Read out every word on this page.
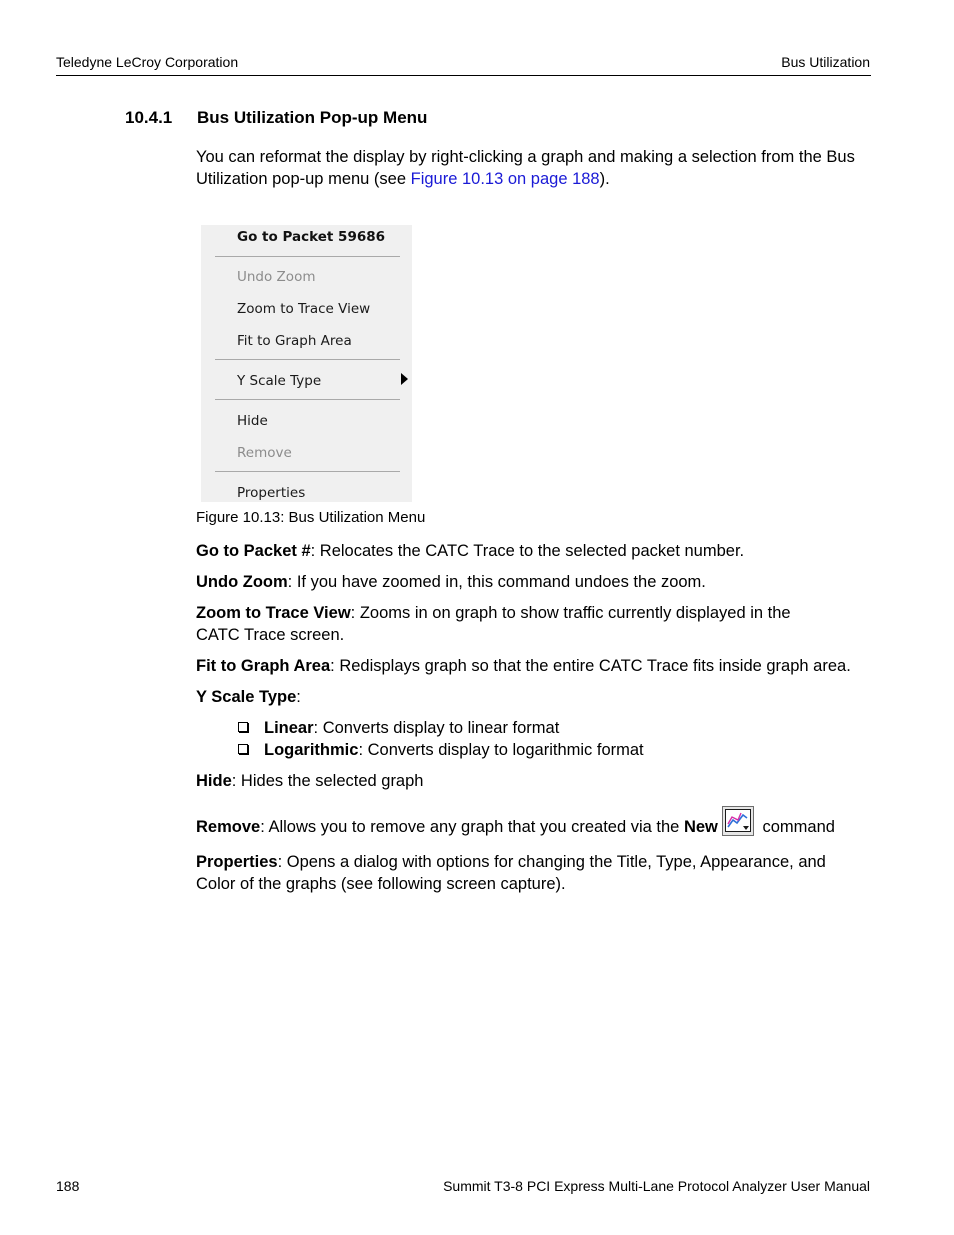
Teledyne LeCroy Corporation	Bus Utilization
10.4.1 Bus Utilization Pop-up Menu
You can reformat the display by right-clicking a graph and making a selection from the Bus Utilization pop-up menu (see Figure 10.13 on page 188).
Go to Packet 59686
Undo Zoom
Zoom to Trace View
Fit to Graph Area
Y Scale Type
Hide
Remove
Properties
Figure 10.13: Bus Utilization Menu
Go to Packet #: Relocates the CATC Trace to the selected packet number.
Undo Zoom: If you have zoomed in, this command undoes the zoom.
Zoom to Trace View: Zooms in on graph to show traffic currently displayed in the CATC Trace screen.
Fit to Graph Area: Redisplays graph so that the entire CATC Trace fits inside graph area.
Y Scale Type:
Linear: Converts display to linear format
Logarithmic: Converts display to logarithmic format
Hide: Hides the selected graph
Remove: Allows you to remove any graph that you created via the New command
Properties: Opens a dialog with options for changing the Title, Type, Appearance, and Color of the graphs (see following screen capture).
188	Summit T3-8 PCI Express Multi-Lane Protocol Analyzer User Manual
